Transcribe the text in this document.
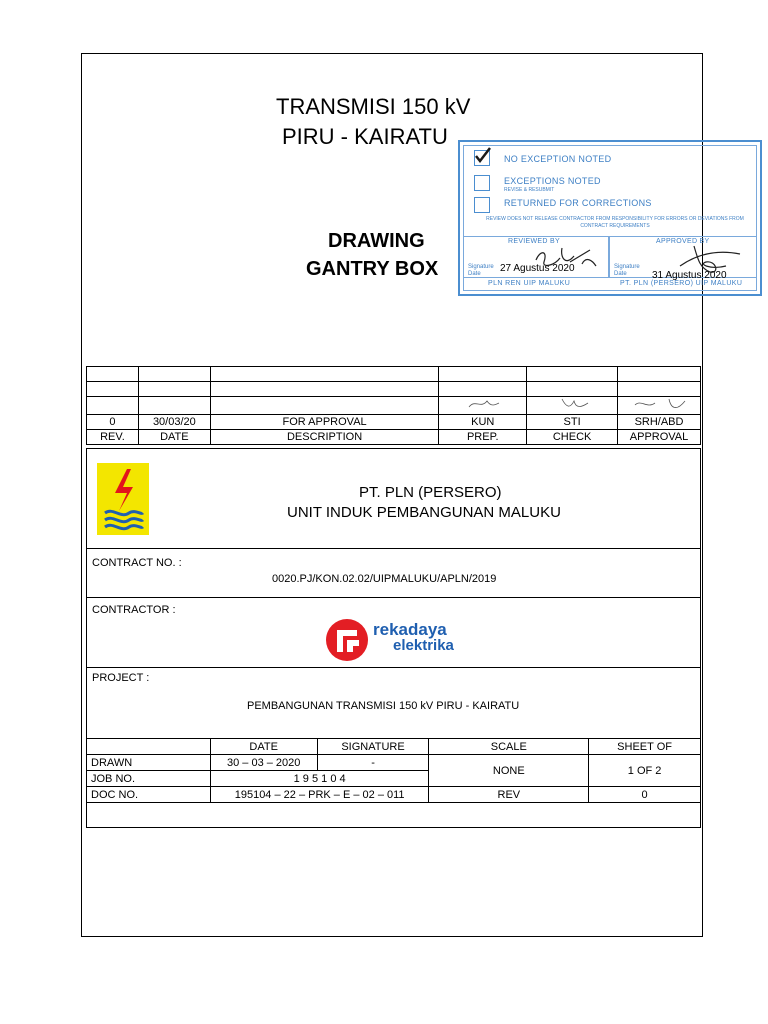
TRANSMISI 150 kV
PIRU - KAIRATU
DRAWING
GANTRY BOX
NO EXCEPTION NOTED
EXCEPTIONS NOTED
REVISE & RESUBMIT
RETURNED FOR CORRECTIONS
REVIEW DOES NOT RELEASE CONTRACTOR FROM RESPONSIBILITY FOR ERRORS OR DEVIATIONS FROM CONTRACT REQUIREMENTS
REVIEWED BY	APPROVED BY
Signature
Date
Signature
Date
27 Agustus 2020
31 Agustus 2020
PLN REN UIP MALUKU	PT. PLN (PERSERO) UIP MALUKU

0	30/03/20	FOR APPROVAL	KUN	STI	SRH/ABD
REV.	DATE	DESCRIPTION	PREP.	CHECK	APPROVAL
PT. PLN (PERSERO)
UNIT INDUK PEMBANGUNAN MALUKU
CONTRACT NO. :
0020.PJ/KON.02.02/UIPMALUKU/APLN/2019
CONTRACTOR :
rekadaya
elektrika
PROJECT :
PEMBANGUNAN TRANSMISI 150 kV PIRU - KAIRATU
	DATE	SIGNATURE	SCALE	SHEET OF
DRAWN	30 – 03 – 2020	-	NONE	1 OF 2
JOB NO.	1 9 5 1 0 4			
DOC NO.	195104 – 22 – PRK – E – 02 – 011		REV	0
